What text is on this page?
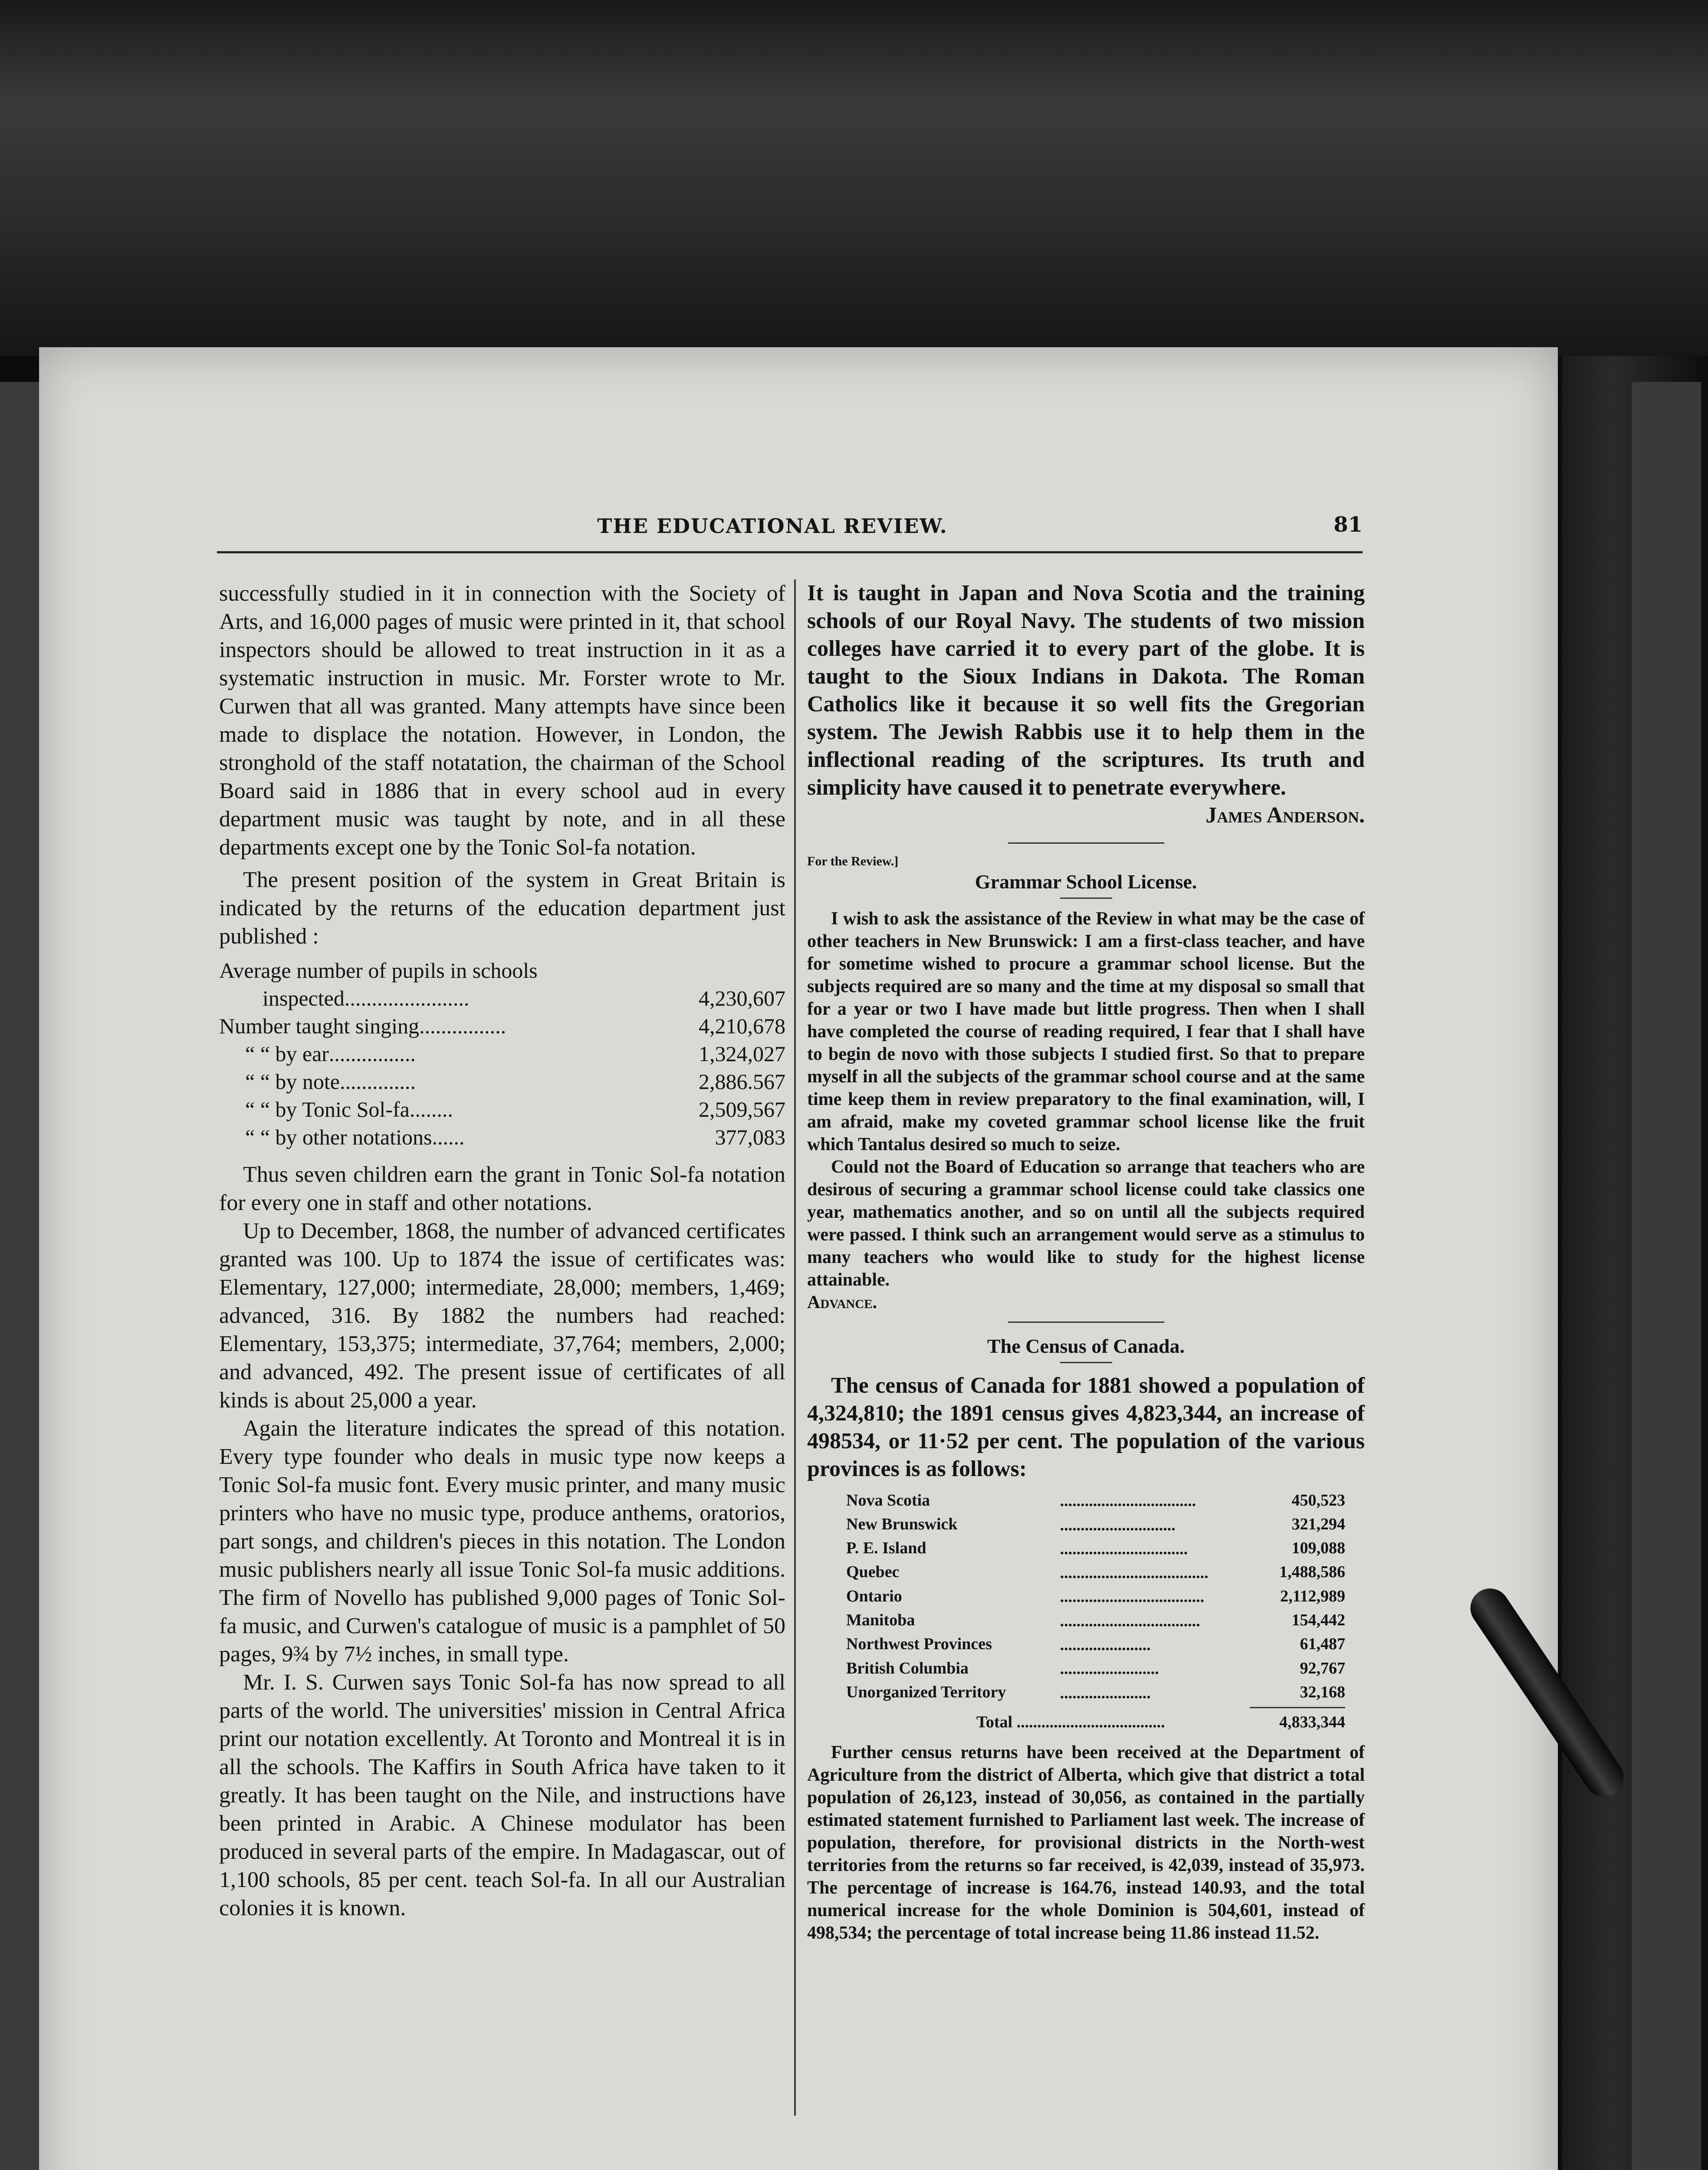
THE EDUCATIONAL REVIEW.	81

successfully studied in it in connection with the Society of Arts, and 16,000 pages of music were printed in it, that school inspectors should be allowed to treat instruction in it as a systematic instruction in music. Mr. Forster wrote to Mr. Curwen that all was granted. Many attempts have since been made to displace the notation. However, in London, the stronghold of the staff notatation, the chairman of the School Board said in 1886 that in every school aud in every department music was taught by note, and in all these departments except one by the Tonic Sol-fa notation.

The present position of the system in Great Britain is indicated by the returns of the education department just published :

Average number of pupils in schools	
inspected.......................	4,230,607
Number taught singing................	4,210,678
“ “ by ear................	1,324,027
“ “ by note..............	2,886.567
“ “ by Tonic Sol-fa........	2,509,567
“ “ by other notations......	377,083

Thus seven children earn the grant in Tonic Sol-fa notation for every one in staff and other notations.

Up to December, 1868, the number of advanced certificates granted was 100. Up to 1874 the issue of certificates was: Elementary, 127,000; intermediate, 28,000; members, 1,469; advanced, 316. By 1882 the numbers had reached: Elementary, 153,375; intermediate, 37,764; members, 2,000; and advanced, 492. The present issue of certificates of all kinds is about 25,000 a year.

Again the literature indicates the spread of this notation. Every type founder who deals in music type now keeps a Tonic Sol-fa music font. Every music printer, and many music printers who have no music type, produce anthems, oratorios, part songs, and children's pieces in this notation. The London music publishers nearly all issue Tonic Sol-fa music additions. The firm of Novello has published 9,000 pages of Tonic Sol-fa music, and Curwen's catalogue of music is a pamphlet of 50 pages, 9¾ by 7½ inches, in small type.

Mr. I. S. Curwen says Tonic Sol-fa has now spread to all parts of the world. The universities' mission in Central Africa print our notation excellently. At Toronto and Montreal it is in all the schools. The Kaffirs in South Africa have taken to it greatly. It has been taught on the Nile, and instructions have been printed in Arabic. A Chinese modulator has been produced in several parts of the empire. In Madagascar, out of 1,100 schools, 85 per cent. teach Sol-fa. In all our Australian colonies it is known.

It is taught in Japan and Nova Scotia and the training schools of our Royal Navy. The students of two mission colleges have carried it to every part of the globe. It is taught to the Sioux Indians in Dakota. The Roman Catholics like it because it so well fits the Gregorian system. The Jewish Rabbis use it to help them in the inflectional reading of the scriptures. Its truth and simplicity have caused it to penetrate everywhere.

James Anderson.

For the Review.]
Grammar School License.

I wish to ask the assistance of the Review in what may be the case of other teachers in New Brunswick: I am a first-class teacher, and have for sometime wished to procure a grammar school license. But the subjects required are so many and the time at my disposal so small that for a year or two I have made but little progress. Then when I shall have completed the course of reading required, I fear that I shall have to begin de novo with those subjects I studied first. So that to prepare myself in all the subjects of the grammar school course and at the same time keep them in review preparatory to the final examination, will, I am afraid, make my coveted grammar school license like the fruit which Tantalus desired so much to seize.

Could not the Board of Education so arrange that teachers who are desirous of securing a grammar school license could take classics one year, mathematics another, and so on until all the subjects required were passed. I think such an arrangement would serve as a stimulus to many teachers who would like to study for the highest license attainable.

Advance.

The Census of Canada.

The census of Canada for 1881 showed a population of 4,324,810; the 1891 census gives 4,823,344, an increase of 498534, or 11·52 per cent. The population of the various provinces is as follows:

Nova Scotia		.................................	450,523
New Brunswick		............................	321,294
P. E. Island		...............................	109,088
Quebec		....................................	1,488,586
Ontario		...................................	2,112,989
Manitoba		..................................	154,442
Northwest Provinces		......................	61,487
British Columbia		........................	92,767
Unorganized Territory		......................	32,168
Total ....................................	4,833,344

Further census returns have been received at the Department of Agriculture from the district of Alberta, which give that district a total population of 26,123, instead of 30,056, as contained in the partially estimated statement furnished to Parliament last week. The increase of population, therefore, for provisional districts in the North-west territories from the returns so far received, is 42,039, instead of 35,973. The percentage of increase is 164.76, instead 140.93, and the total numerical increase for the whole Dominion is 504,601, instead of 498,534; the percentage of total increase being 11.86 instead 11.52.
